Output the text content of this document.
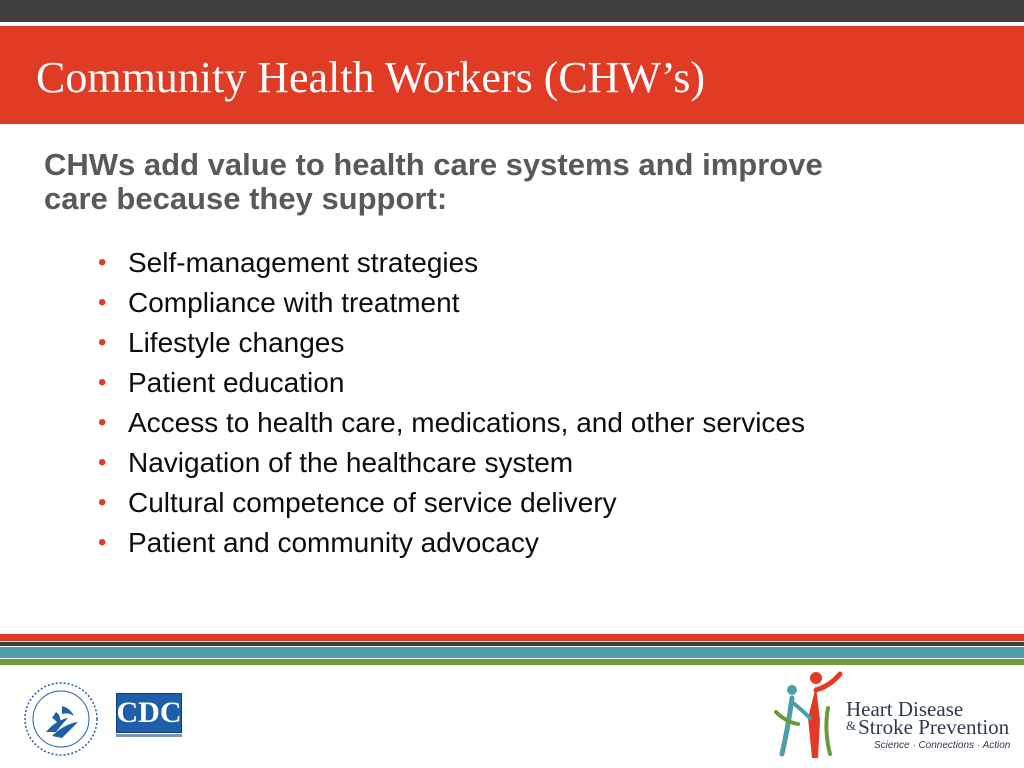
Community Health Workers (CHW’s)

CHWs add value to health care systems and improve care because they support:

• Self-management strategies
• Compliance with treatment
• Lifestyle changes
• Patient education
• Access to health care, medications, and other services
• Navigation of the healthcare system
• Cultural competence of service delivery
• Patient and community advocacy
CDC	Heart Disease
&Stroke Prevention
Science · Connections · Action
